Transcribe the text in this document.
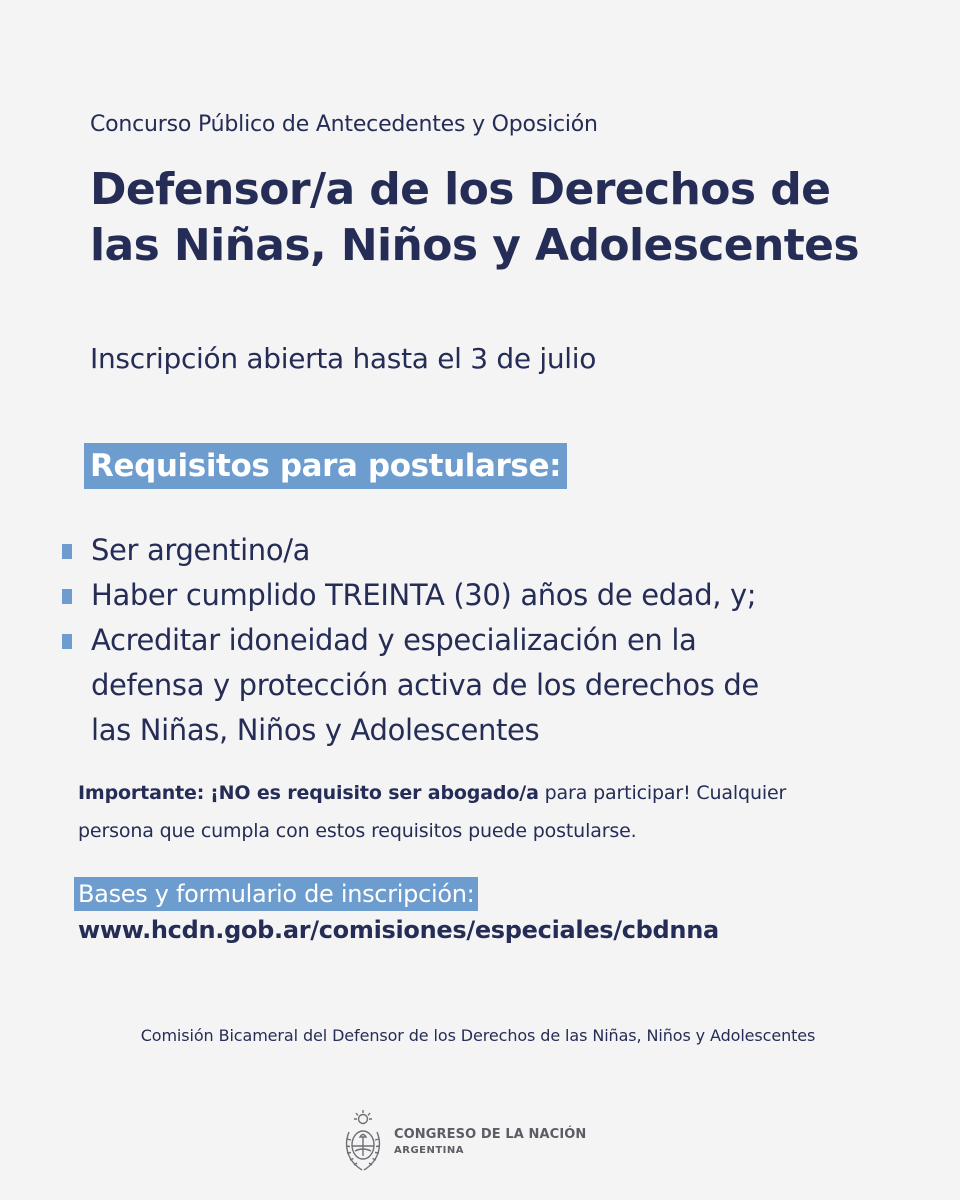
Concurso Público de Antecedentes y Oposición
Defensor/a de los Derechos de
las Niñas, Niños y Adolescentes
Inscripción abierta hasta el 3 de julio
Requisitos para postularse:
Ser argentino/a
Haber cumplido TREINTA (30) años de edad, y;
Acreditar idoneidad y especialización en la
defensa y protección activa de los derechos de
las Niñas, Niños y Adolescentes
Importante: ¡NO es requisito ser abogado/a para participar! Cualquier
persona que cumpla con estos requisitos puede postularse.
Bases y formulario de inscripción:
www.hcdn.gob.ar/comisiones/especiales/cbdnna
Comisión Bicameral del Defensor de los Derechos de las Niñas, Niños y Adolescentes
CONGRESO DE LA NACIÓN
ARGENTINA
